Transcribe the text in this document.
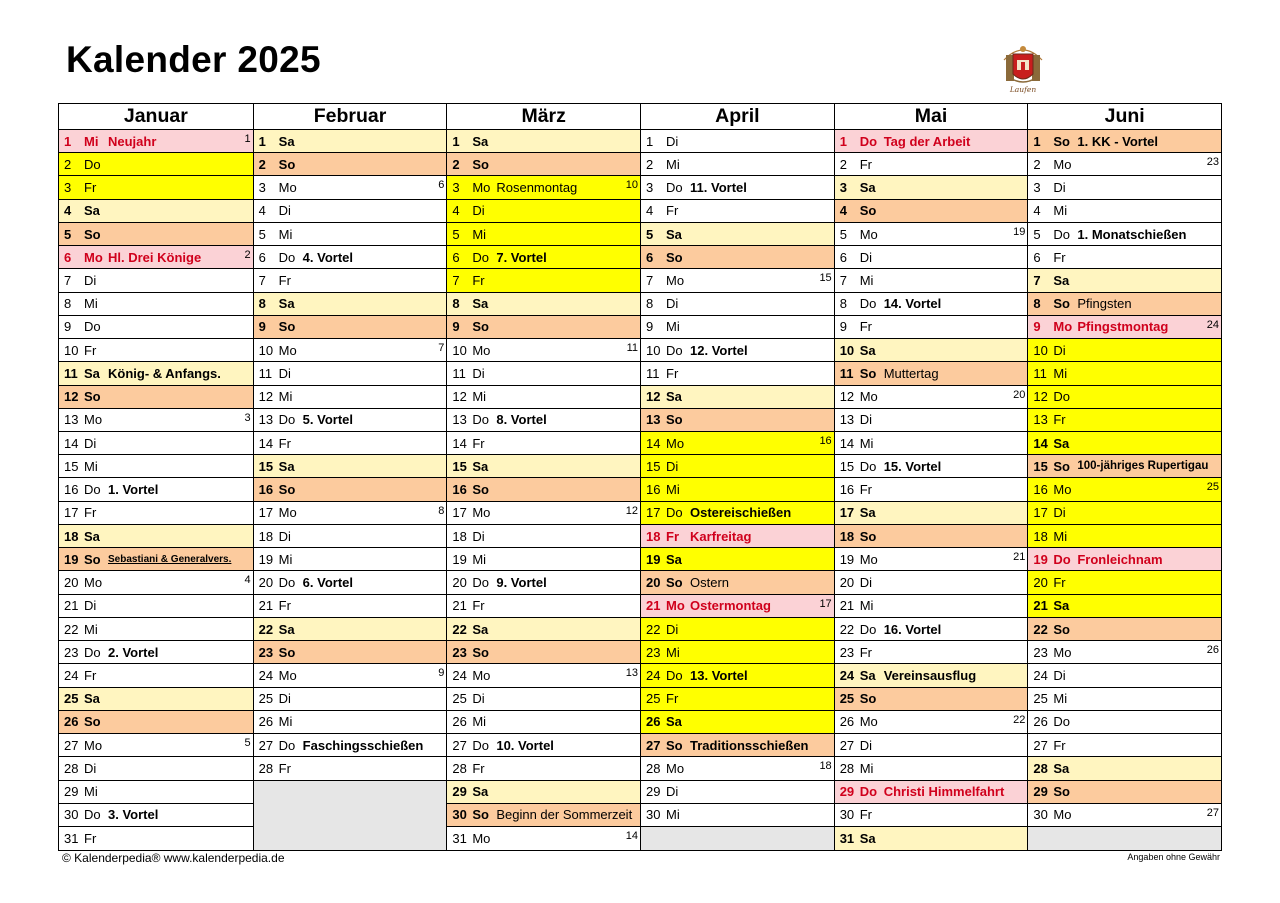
Kalender 2025
Laufen
Januar
1 Mi Neujahr	1
2 Do
3 Fr
4 Sa
5 So
6 Mo Hl. Drei Könige	2
7 Di
8 Mi
9 Do
10 Fr
11 Sa König- & Anfangs.
12 So
13 Mo	3
14 Di
15 Mi
16 Do 1. Vortel
17 Fr
18 Sa
19 So Sebastiani & Generalvers.
20 Mo	4
21 Di
22 Mi
23 Do 2. Vortel
24 Fr
25 Sa
26 So
27 Mo	5
28 Di
29 Mi
30 Do 3. Vortel
31 Fr
Februar
1 Sa
2 So
3 Mo	6
4 Di
5 Mi
6 Do 4. Vortel
7 Fr
8 Sa
9 So
10 Mo	7
11 Di
12 Mi
13 Do 5. Vortel
14 Fr
15 Sa
16 So
17 Mo	8
18 Di
19 Mi
20 Do 6. Vortel
21 Fr
22 Sa
23 So
24 Mo	9
25 Di
26 Mi
27 Do Faschingsschießen
28 Fr
März
1 Sa
2 So
3 Mo Rosenmontag	10
4 Di
5 Mi
6 Do 7. Vortel
7 Fr
8 Sa
9 So
10 Mo	11
11 Di
12 Mi
13 Do 8. Vortel
14 Fr
15 Sa
16 So
17 Mo	12
18 Di
19 Mi
20 Do 9. Vortel
21 Fr
22 Sa
23 So
24 Mo	13
25 Di
26 Mi
27 Do 10. Vortel
28 Fr
29 Sa
30 So Beginn der Sommerzeit
31 Mo	14
April
1 Di
2 Mi
3 Do 11. Vortel
4 Fr
5 Sa
6 So
7 Mo	15
8 Di
9 Mi
10 Do 12. Vortel
11 Fr
12 Sa
13 So
14 Mo	16
15 Di
16 Mi
17 Do Ostereischießen
18 Fr Karfreitag
19 Sa
20 So Ostern
21 Mo Ostermontag	17
22 Di
23 Mi
24 Do 13. Vortel
25 Fr
26 Sa
27 So Traditionsschießen
28 Mo	18
29 Di
30 Mi
Mai
1 Do Tag der Arbeit
2 Fr
3 Sa
4 So
5 Mo	19
6 Di
7 Mi
8 Do 14. Vortel
9 Fr
10 Sa
11 So Muttertag
12 Mo	20
13 Di
14 Mi
15 Do 15. Vortel
16 Fr
17 Sa
18 So
19 Mo	21
20 Di
21 Mi
22 Do 16. Vortel
23 Fr
24 Sa Vereinsausflug
25 So
26 Mo	22
27 Di
28 Mi
29 Do Christi Himmelfahrt
30 Fr
31 Sa
Juni
1 So 1. KK - Vortel
2 Mo	23
3 Di
4 Mi
5 Do 1. Monatschießen
6 Fr
7 Sa
8 So Pfingsten
9 Mo Pfingstmontag	24
10 Di
11 Mi
12 Do
13 Fr
14 Sa
15 So 100-jähriges Rupertigau
16 Mo	25
17 Di
18 Mi
19 Do Fronleichnam
20 Fr
21 Sa
22 So
23 Mo	26
24 Di
25 Mi
26 Do
27 Fr
28 Sa
29 So
30 Mo	27
© Kalenderpedia® www.kalenderpedia.de	Angaben ohne Gewähr
